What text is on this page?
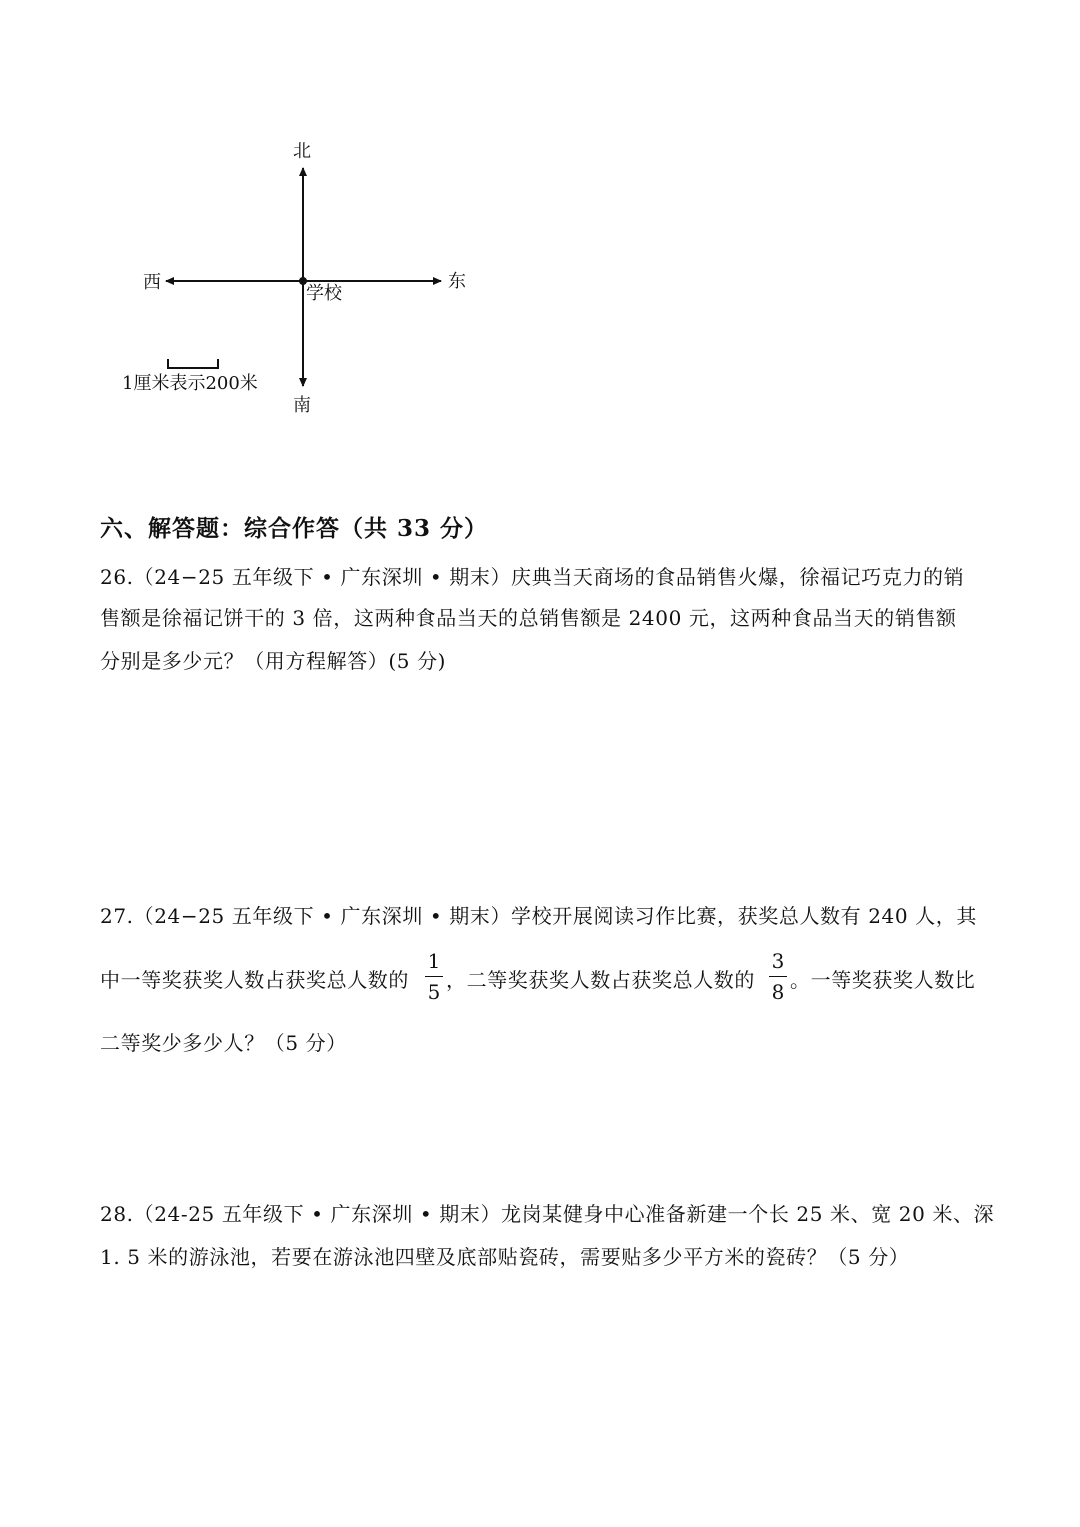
北
南
西	东
学校
1厘米表示200米
六、解答题：综合作答（共 33 分）
26.（24−25 五年级下 • 广东深圳 • 期末）庆典当天商场的食品销售火爆，徐福记巧克力的销
售额是徐福记饼干的 3 倍，这两种食品当天的总销售额是 2400 元，这两种食品当天的销售额
分别是多少元？（用方程解答）(5 分)
27.（24−25 五年级下 • 广东深圳 • 期末）学校开展阅读习作比赛，获奖总人数有 240 人，其
中一等奖获奖人数占获奖总人数的
1
5 ，二等奖获奖人数占获奖总人数的
3
8 。一等奖获奖人数比
二等奖少多少人？（5 分）
28.（24-25 五年级下 • 广东深圳 • 期末）龙岗某健身中心准备新建一个长 25 米、宽 20 米、深
1. 5 米的游泳池，若要在游泳池四壁及底部贴瓷砖，需要贴多少平方米的瓷砖？（5 分）
